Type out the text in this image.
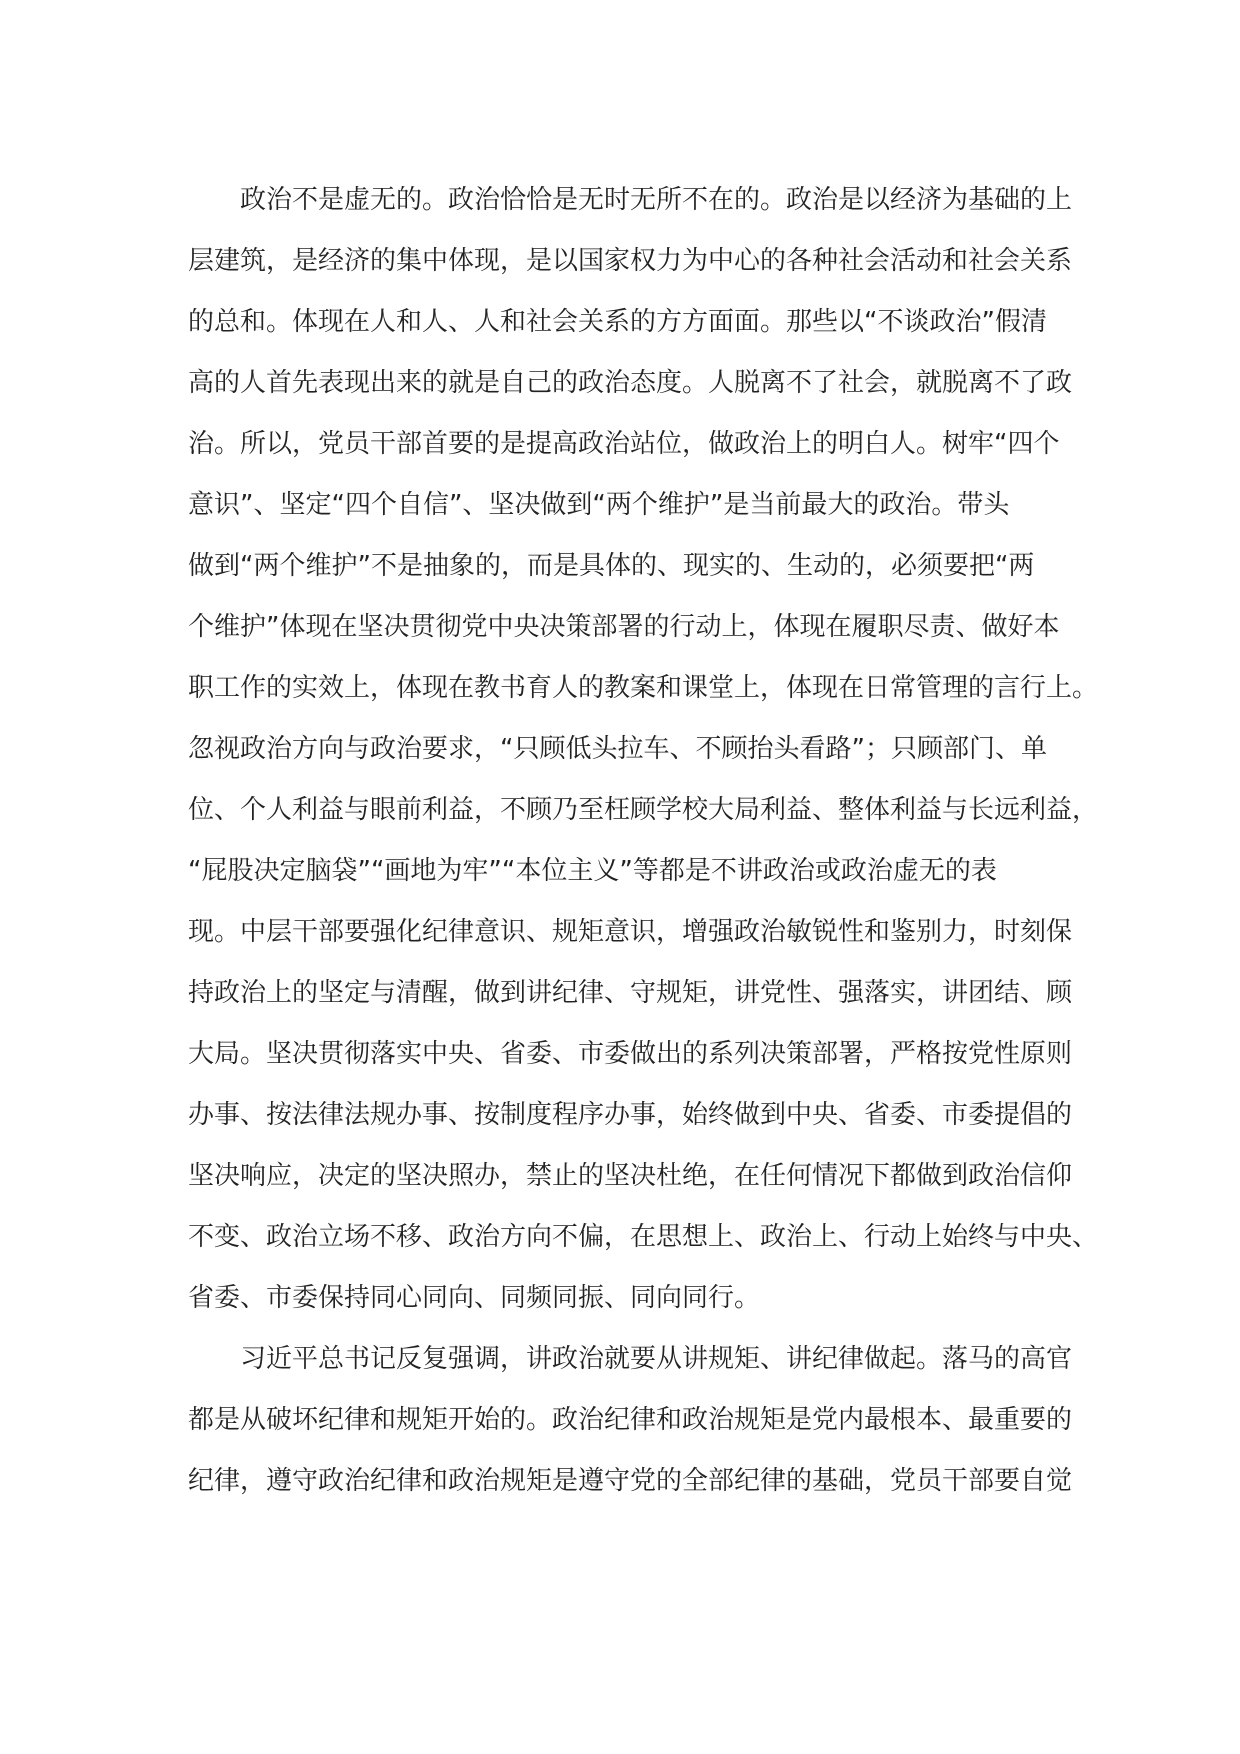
政治不是虚无的。政治恰恰是无时无所不在的。政治是以经济为基础的上
层建筑，是经济的集中体现，是以国家权力为中心的各种社会活动和社会关系
的总和。体现在人和人、人和社会关系的方方面面。那些以“不谈政治”假清
高的人首先表现出来的就是自己的政治态度。人脱离不了社会，就脱离不了政
治。所以，党员干部首要的是提高政治站位，做政治上的明白人。树牢“四个
意识”、坚定“四个自信”、坚决做到“两个维护”是当前最大的政治。带头
做到“两个维护”不是抽象的，而是具体的、现实的、生动的，必须要把“两
个维护”体现在坚决贯彻党中央决策部署的行动上，体现在履职尽责、做好本
职工作的实效上，体现在教书育人的教案和课堂上，体现在日常管理的言行上。
忽视政治方向与政治要求，“只顾低头拉车、不顾抬头看路”；只顾部门、单
位、个人利益与眼前利益，不顾乃至枉顾学校大局利益、整体利益与长远利益，
“屁股决定脑袋”“画地为牢”“本位主义”等都是不讲政治或政治虚无的表
现。中层干部要强化纪律意识、规矩意识，增强政治敏锐性和鉴别力，时刻保
持政治上的坚定与清醒，做到讲纪律、守规矩，讲党性、强落实，讲团结、顾
大局。坚决贯彻落实中央、省委、市委做出的系列决策部署，严格按党性原则
办事、按法律法规办事、按制度程序办事，始终做到中央、省委、市委提倡的
坚决响应，决定的坚决照办，禁止的坚决杜绝，在任何情况下都做到政治信仰
不变、政治立场不移、政治方向不偏，在思想上、政治上、行动上始终与中央、
省委、市委保持同心同向、同频同振、同向同行。
习近平总书记反复强调，讲政治就要从讲规矩、讲纪律做起。落马的高官
都是从破坏纪律和规矩开始的。政治纪律和政治规矩是党内最根本、最重要的
纪律，遵守政治纪律和政治规矩是遵守党的全部纪律的基础，党员干部要自觉
